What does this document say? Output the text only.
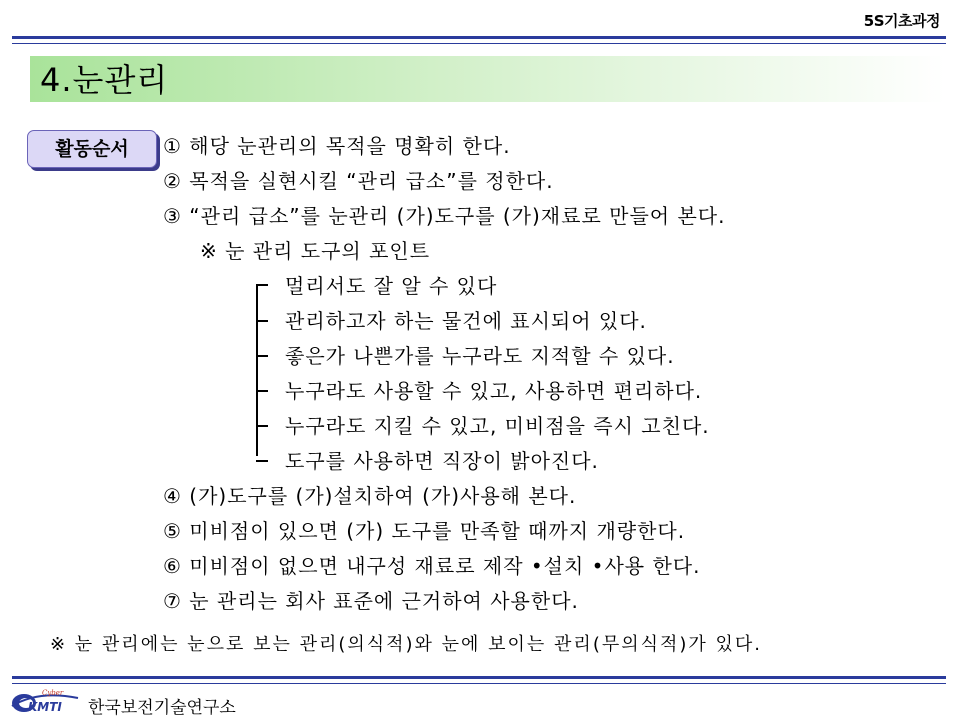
5S기초과정
4.눈관리
활동순서	① 해당 눈관리의 목적을 명확히 한다.
② 목적을 실현시킬 “관리 급소”를 정한다.
③ “관리 급소”를 눈관리 (가)도구를 (가)재료로 만들어 본다.
※ 눈 관리 도구의 포인트
멀리서도 잘 알 수 있다
관리하고자 하는 물건에 표시되어 있다.
좋은가 나쁜가를 누구라도 지적할 수 있다.
누구라도 사용할 수 있고, 사용하면 편리하다.
누구라도 지킬 수 있고, 미비점을 즉시 고친다.
도구를 사용하면 직장이 밝아진다.
④ (가)도구를 (가)설치하여 (가)사용해 본다.
⑤ 미비점이 있으면 (가) 도구를 만족할 때까지 개량한다.
⑥ 미비점이 없으면 내구성 재료로 제작 •설치 •사용 한다.
⑦ 눈 관리는 회사 표준에 근거하여 사용한다.
※ 눈 관리에는 눈으로 보는 관리(의식적)와 눈에 보이는 관리(무의식적)가 있다.
Cyber
KMTI 한국보전기술연구소
